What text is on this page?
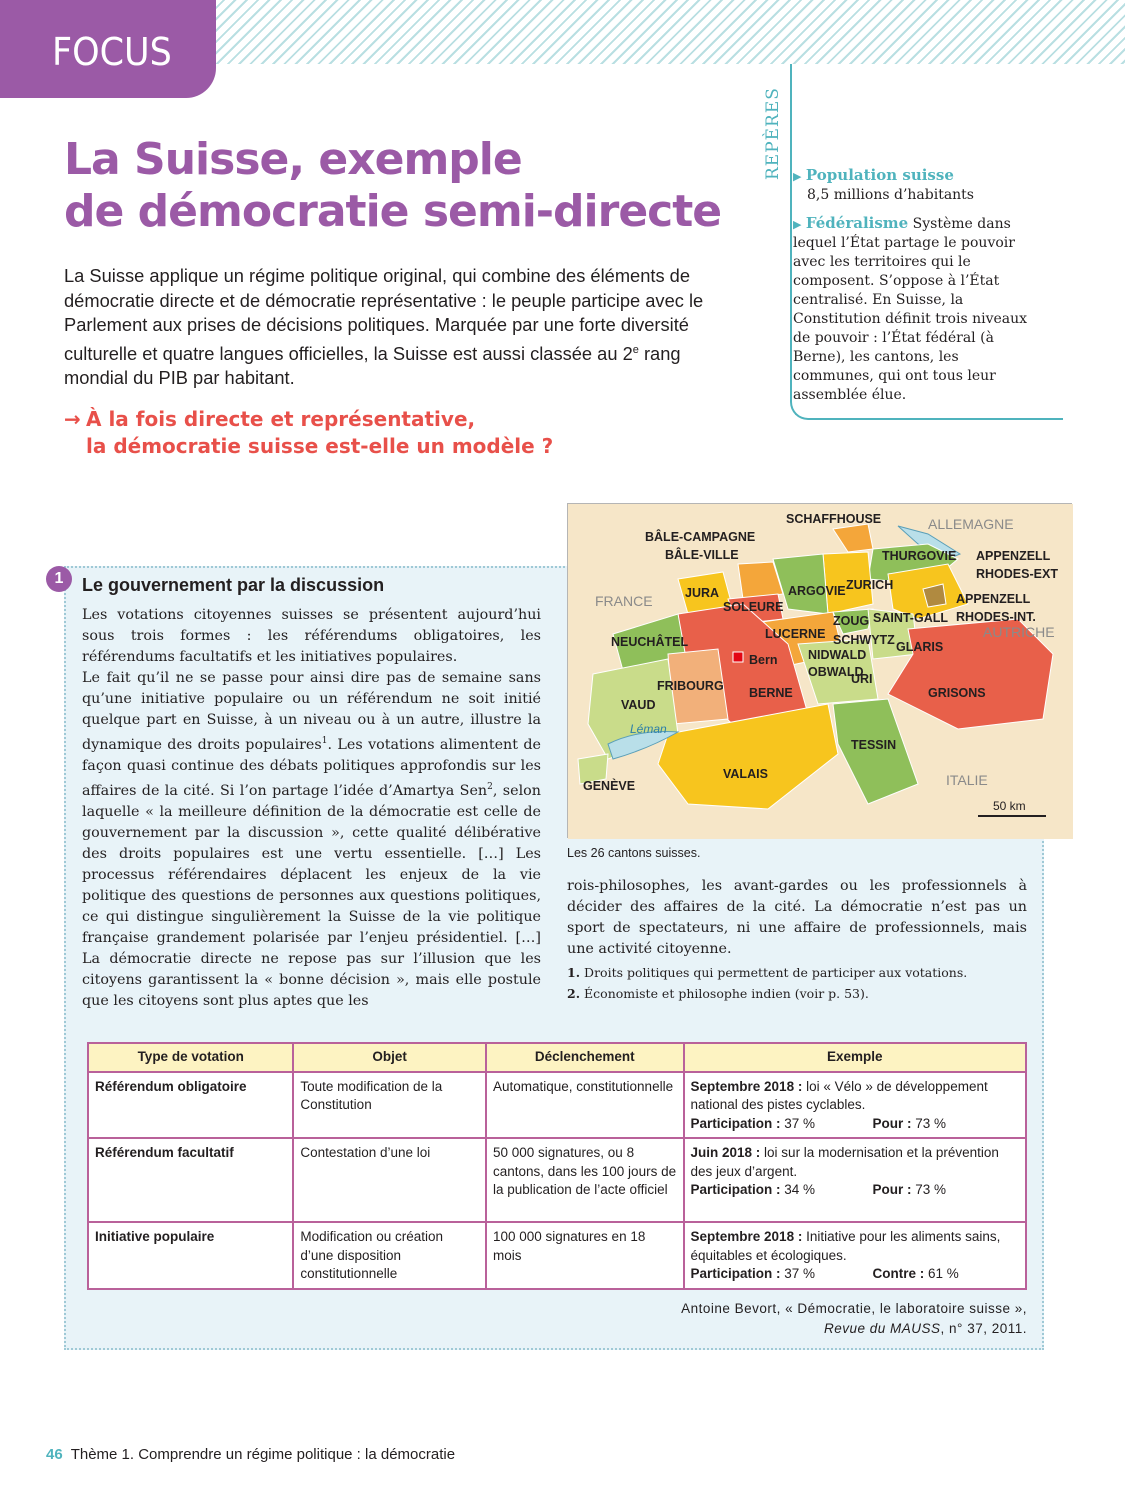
FOCUS
La Suisse, exemple
de démocratie semi-directe

La Suisse applique un régime politique original, qui combine des éléments de démocratie directe et de démocratie représentative : le peuple participe avec le Parlement aux prises de décisions politiques. Marquée par une forte diversité culturelle et quatre langues officielles, la Suisse est aussi classée au 2e rang mondial du PIB par habitant.

→ À la fois directe et représentative,
la démocratie suisse est-elle un modèle ?
REPÈRES ▶ Population suisse
8,5 millions d’habitants
▶ Fédéralisme Système dans lequel l’État partage le pouvoir avec les territoires qui le composent. S’oppose à l’État centralisé. En Suisse, la Constitution définit trois niveaux de pouvoir : l’État fédéral (à Berne), les cantons, les communes, qui ont tous leur assemblée élue.
1	Le gouvernement par la discussion

Les votations citoyennes suisses se présentent aujourd’hui sous trois formes : les référendums obligatoires, les référendums facultatifs et les initiatives populaires.

Le fait qu’il ne se passe pour ainsi dire pas de semaine sans qu’une initiative populaire ou un référendum ne soit initié quelque part en Suisse, à un niveau ou à un autre, illustre la dynamique des droits populaires$^1$. Les votations alimentent de façon quasi continue des débats politiques approfondis sur les affaires de la cité. Si l’on partage l’idée d’Amartya Sen$^2$, selon laquelle « la meilleure définition de la démocratie est celle de gouvernement par la discussion », cette qualité délibérative des droits populaires est une vertu essentielle. […] Les processus référendaires déplacent les enjeux de la vie politique des questions de personnes aux questions politiques, ce qui distingue singulièrement la Suisse de la vie politique française grandement polarisée par l’enjeu présidentiel. […] La démocratie directe ne repose pas sur l’illusion que les citoyens garantissent la « bonne décision », mais elle postule que les citoyens sont plus aptes que les

rois-philosophes, les avant-gardes ou les professionnels à décider des affaires de la cité. La démocratie n’est pas un sport de spectateurs, ni une affaire de professionnels, mais une activité citoyenne.
1. Droits politiques qui permettent de participer aux votations.
2. Économiste et philosophe indien (voir p. 53).
ALLEMAGNE
FRANCE
AUTRICHE
ITALIE
SCHAFFHOUSE
BÂLE-CAMPAGNE
BÂLE-VILLE	THURGOVIE APPENZELL
RHODES-EXT
JURA	ARGOVIE ZURICH
APPENZELL
RHODES-INT.
SOLEURE
NEUCHÂTEL
ZOUG SAINT-GALL
LUCERNE SCHWYTZ GLARIS
NIDWALD
OBWALD
URI
FRIBOURG BERNE	GRISONS
VAUD
TESSIN
VALAIS
GENÈVE
Bern
Léman
50 km
Les 26 cantons suisses.
Type de votation	Objet	Déclenchement	Exemple
Référendum obligatoire	Toute modification de la Constitution	Automatique, constitutionnelle	Septembre 2018 : loi « Vélo » de développement national des pistes cyclables.
Participation : 37 % Pour : 73 %

Référendum facultatif	Contestation d’une loi	50 000 signatures, ou 8 cantons, dans les 100 jours de la publication de l’acte officiel	Juin 2018 : loi sur la modernisation et la prévention des jeux d’argent.
Participation : 34 % Pour : 73 %

Initiative populaire	Modification ou création d’une disposition constitutionnelle	100 000 signatures en 18 mois	Septembre 2018 : Initiative pour les aliments sains, équitables et écologiques.
Participation : 37 % Contre : 61 %
Antoine Bevort, « Démocratie, le laboratoire suisse »,
Revue du MAUSS, n° 37, 2011.
46 Thème 1. Comprendre un régime politique : la démocratie
